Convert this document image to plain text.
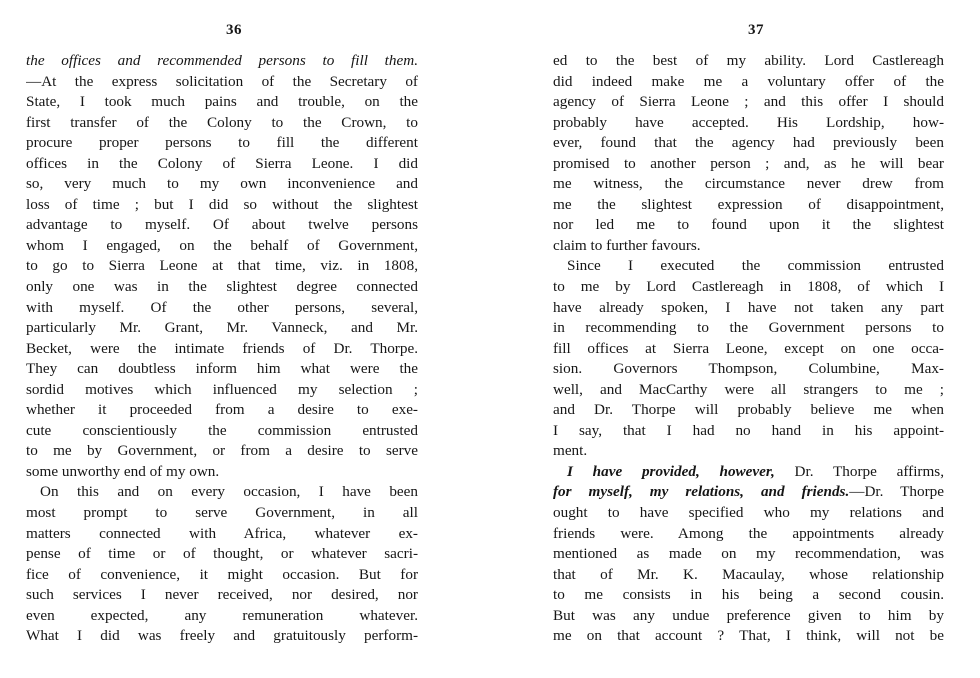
36
the offices and recommended persons to fill them.
—At the express solicitation of the Secretary of
State, I took much pains and trouble, on the
first transfer of the Colony to the Crown, to
procure proper persons to fill the different
offices in the Colony of Sierra Leone. I did
so, very much to my own inconvenience and
loss of time ; but I did so without the slightest
advantage to myself. Of about twelve persons
whom I engaged, on the behalf of Government,
to go to Sierra Leone at that time, viz. in 1808,
only one was in the slightest degree connected
with myself. Of the other persons, several,
particularly Mr. Grant, Mr. Vanneck, and Mr.
Becket, were the intimate friends of Dr. Thorpe.
They can doubtless inform him what were the
sordid motives which influenced my selection ;
whether it proceeded from a desire to exe-
cute conscientiously the commission entrusted
to me by Government, or from a desire to serve
some unworthy end of my own.
On this and on every occasion, I have been
most prompt to serve Government, in all
matters connected with Africa, whatever ex-
pense of time or of thought, or whatever sacri-
fice of convenience, it might occasion. But for
such services I never received, nor desired, nor
even expected, any remuneration whatever.
What I did was freely and gratuitously perform-
37
ed to the best of my ability. Lord Castlereagh
did indeed make me a voluntary offer of the
agency of Sierra Leone ; and this offer I should
probably have accepted. His Lordship, how-
ever, found that the agency had previously been
promised to another person ; and, as he will bear
me witness, the circumstance never drew from
me the slightest expression of disappointment,
nor led me to found upon it the slightest
claim to further favours.
Since I executed the commission entrusted
to me by Lord Castlereagh in 1808, of which I
have already spoken, I have not taken any part
in recommending to the Government persons to
fill offices at Sierra Leone, except on one occa-
sion. Governors Thompson, Columbine, Max-
well, and MacCarthy were all strangers to me ;
and Dr. Thorpe will probably believe me when
I say, that I had no hand in his appoint-
ment.
I have provided, however, Dr. Thorpe affirms,
for myself, my relations, and friends.—Dr. Thorpe
ought to have specified who my relations and
friends were. Among the appointments already
mentioned as made on my recommendation, was
that of Mr. K. Macaulay, whose relationship
to me consists in his being a second cousin.
But was any undue preference given to him by
me on that account ? That, I think, will not be
